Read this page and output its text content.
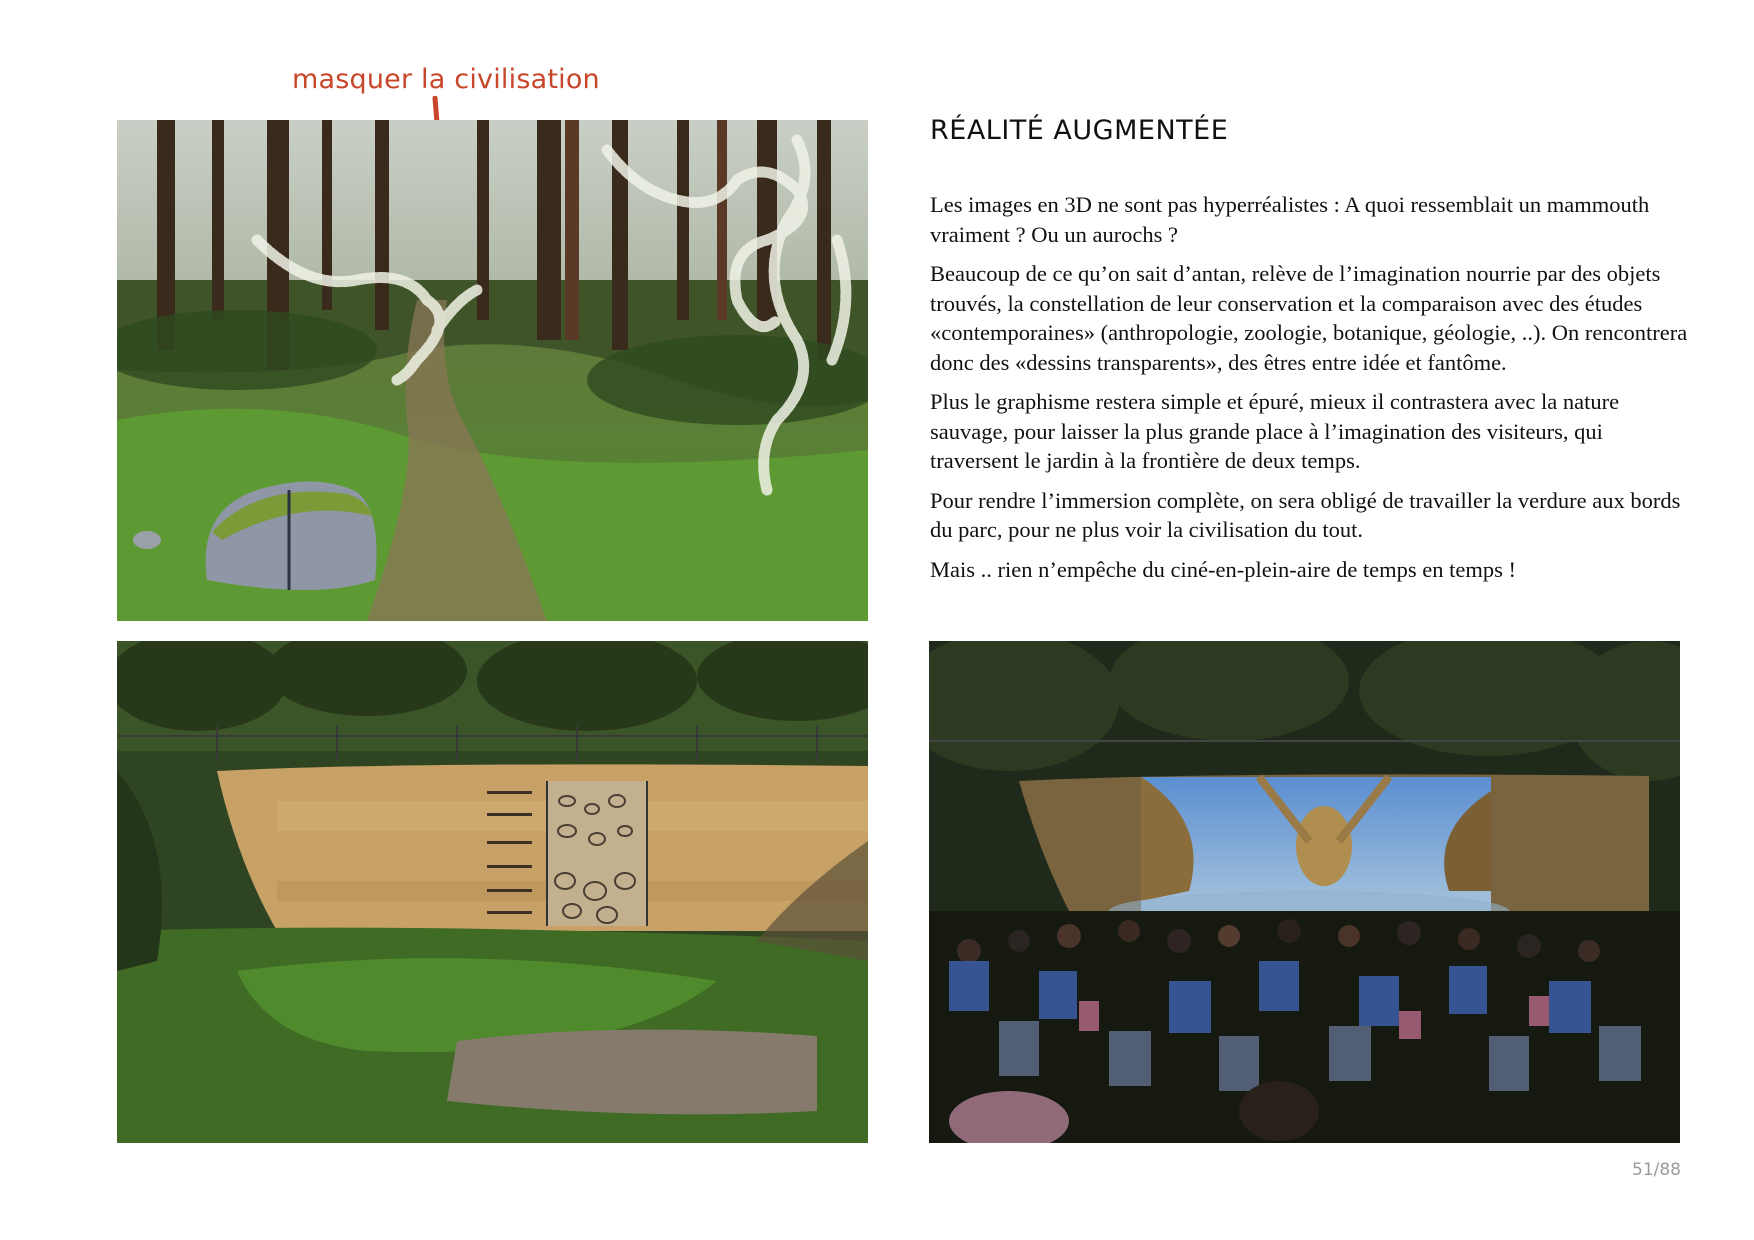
masquer la civilisation
RÉALITÉ AUGMENTÉE

Les images en 3D ne sont pas hyperréalistes : A quoi ressemblait un mammouth vraiment ? Ou un aurochs ?

Beaucoup de ce qu’on sait d’antan, relève de l’imagination nourrie par des objets trouvés, la constellation de leur conservation et la comparaison avec des études «contemporaines» (anthropologie, zoologie, botanique, géologie, ..). On rencontrera donc des «dessins transparents», des êtres entre idée et fantôme.

Plus le graphisme restera simple et épuré, mieux il contrastera avec la nature sauvage, pour laisser la plus grande place à l’imagination des visiteurs, qui traversent le jardin à la frontière de deux temps.

Pour rendre l’immersion complète, on sera obligé de travailler la verdure aux bords du parc, pour ne plus voir la civilisation du tout.

Mais .. rien n’empêche du ciné-en-plein-aire de temps en temps !

51/88
